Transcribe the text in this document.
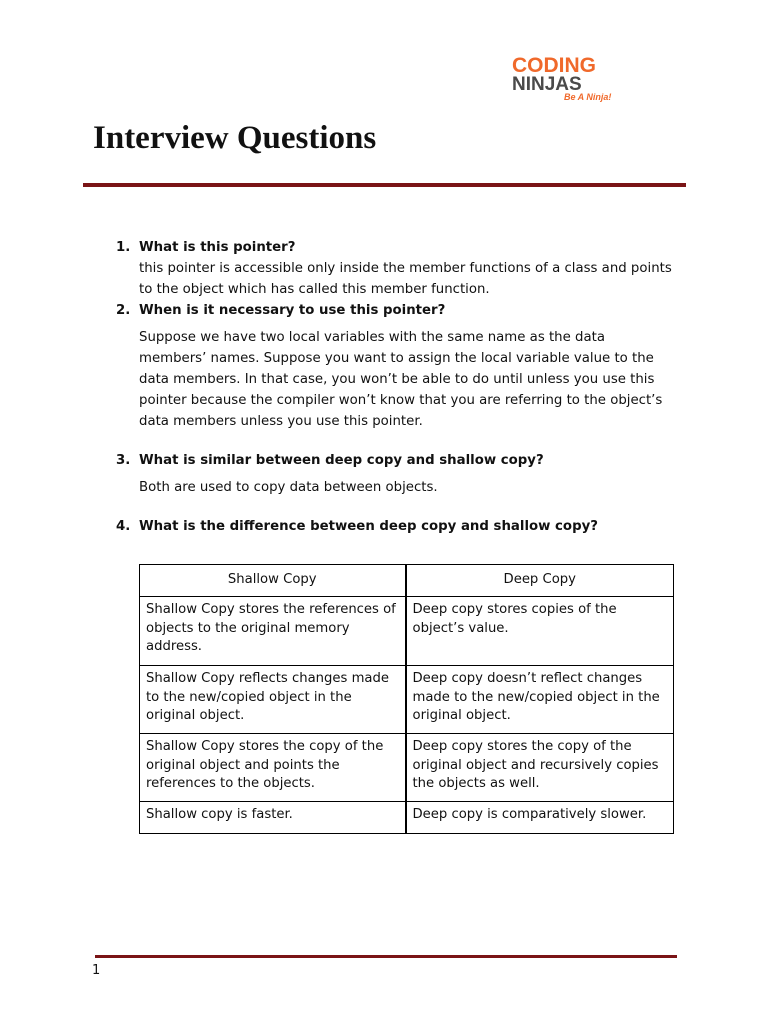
CODING
NINJAS
Be A Ninja!
Interview Questions
1. What is this pointer?
this pointer is accessible only inside the member functions of a class and points to the object which has called this member function.
2. When is it necessary to use this pointer?
Suppose we have two local variables with the same name as the data members’ names. Suppose you want to assign the local variable value to the data members. In that case, you won’t be able to do until unless you use this pointer because the compiler won’t know that you are referring to the object’s data members unless you use this pointer.
3. What is similar between deep copy and shallow copy?
Both are used to copy data between objects.
4. What is the difference between deep copy and shallow copy?
Shallow Copy	Deep Copy
Shallow Copy stores the references of objects to the original memory address.	Deep copy stores copies of the object’s value.
Shallow Copy reflects changes made to the new/copied object in the original object.	Deep copy doesn’t reflect changes made to the new/copied object in the original object.
Shallow Copy stores the copy of the original object and points the references to the objects.	Deep copy stores the copy of the original object and recursively copies the objects as well.
Shallow copy is faster.	Deep copy is comparatively slower.
1
